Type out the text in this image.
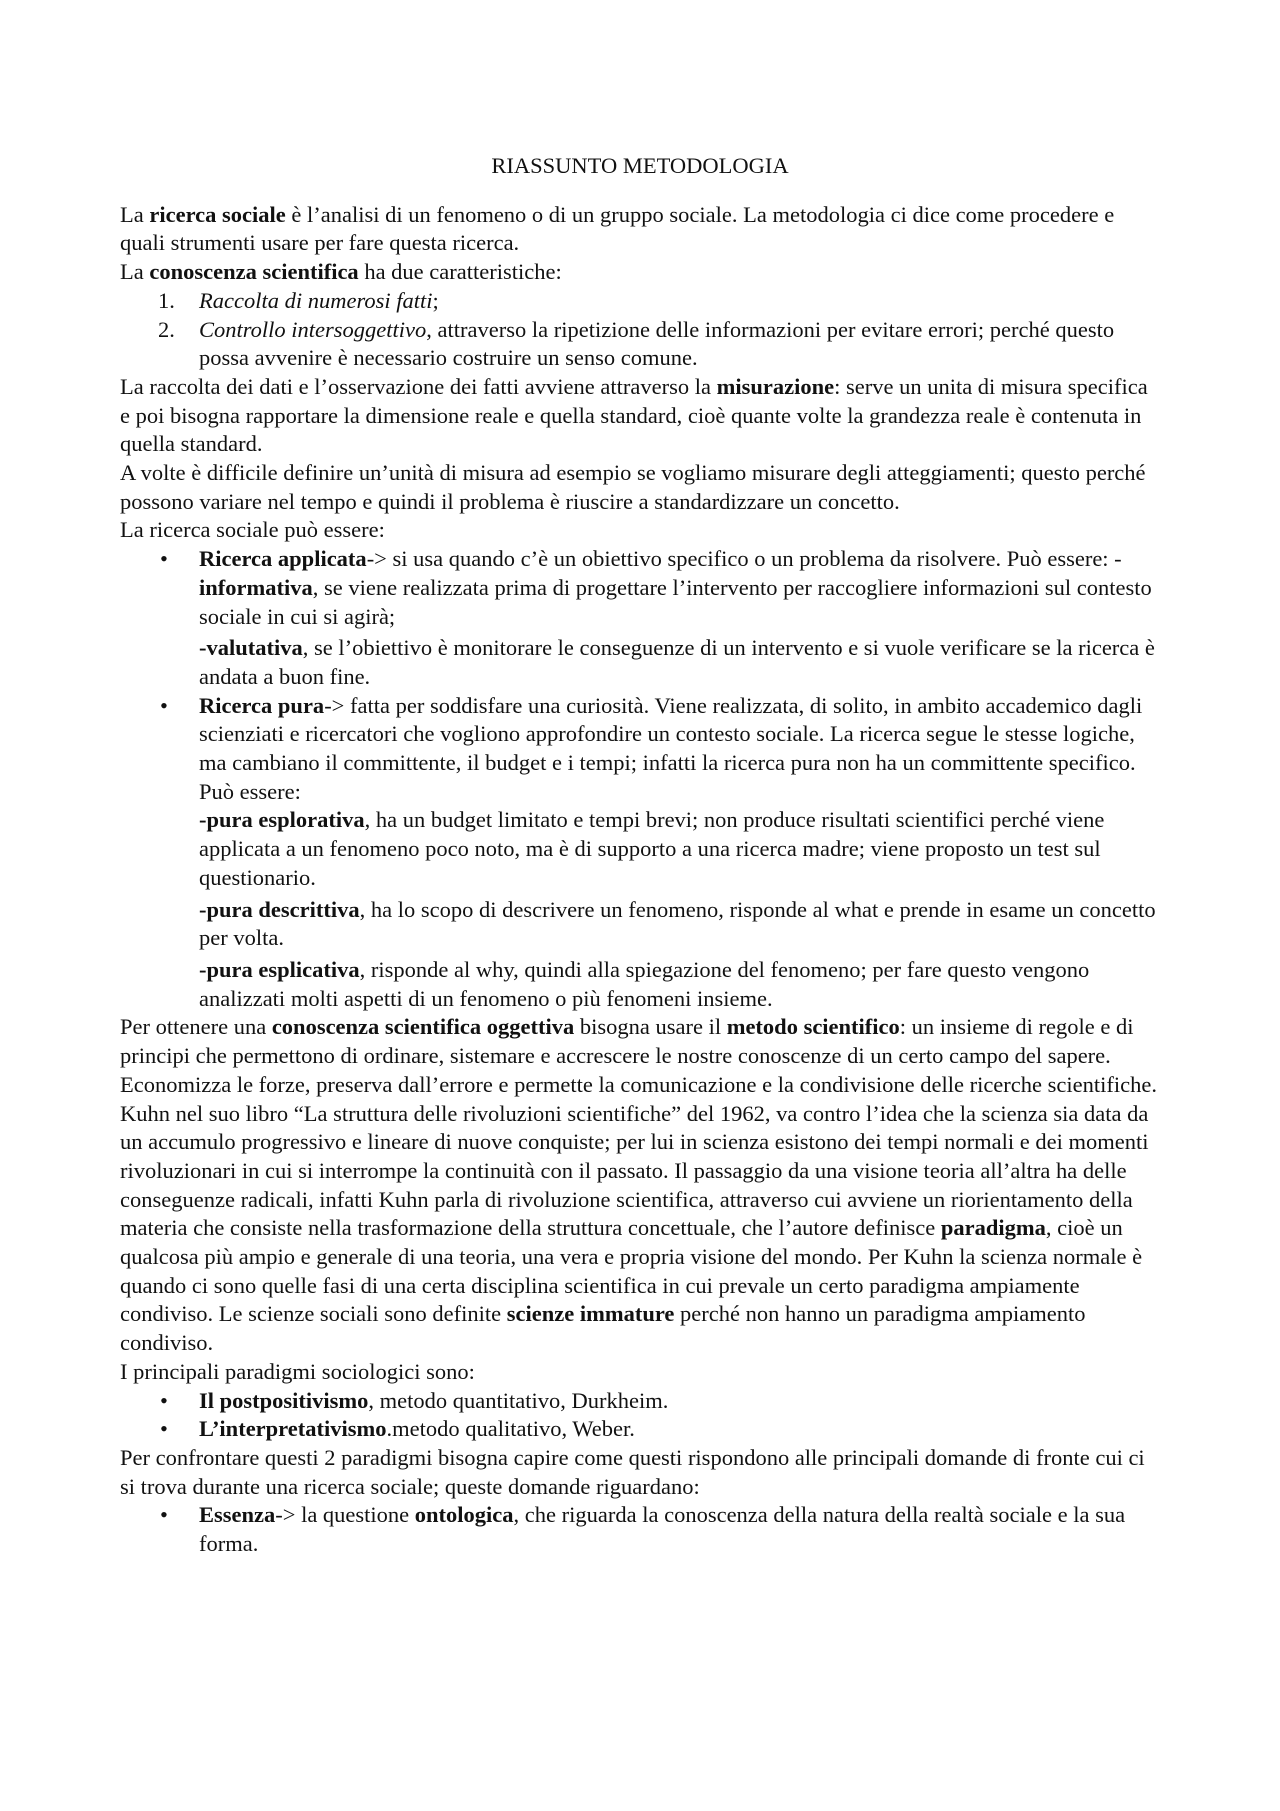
RIASSUNTO METODOLOGIA

La ricerca sociale è l’analisi di un fenomeno o di un gruppo sociale. La metodologia ci dice come procedere e quali strumenti usare per fare questa ricerca.

La conoscenza scientifica ha due caratteristiche:

1. Raccolta di numerosi fatti;
2. Controllo intersoggettivo, attraverso la ripetizione delle informazioni per evitare errori; perché questo possa avvenire è necessario costruire un senso comune.

La raccolta dei dati e l’osservazione dei fatti avviene attraverso la misurazione: serve un unita di misura specifica e poi bisogna rapportare la dimensione reale e quella standard, cioè quante volte la grandezza reale è contenuta in quella standard.

A volte è difficile definire un’unità di misura ad esempio se vogliamo misurare degli atteggiamenti; questo perché possono variare nel tempo e quindi il problema è riuscire a standardizzare un concetto.

La ricerca sociale può essere:

• Ricerca applicata-> si usa quando c’è un obiettivo specifico o un problema da risolvere. Può essere: -informativa, se viene realizzata prima di progettare l’intervento per raccogliere informazioni sul contesto sociale in cui si agirà;
-valutativa, se l’obiettivo è monitorare le conseguenze di un intervento e si vuole verificare se la ricerca è andata a buon fine.
• Ricerca pura-> fatta per soddisfare una curiosità. Viene realizzata, di solito, in ambito accademico dagli scienziati e ricercatori che vogliono approfondire un contesto sociale. La ricerca segue le stesse logiche, ma cambiano il committente, il budget e i tempi; infatti la ricerca pura non ha un committente specifico. Può essere:
-pura esplorativa, ha un budget limitato e tempi brevi; non produce risultati scientifici perché viene applicata a un fenomeno poco noto, ma è di supporto a una ricerca madre; viene proposto un test sul questionario.
-pura descrittiva, ha lo scopo di descrivere un fenomeno, risponde al what e prende in esame un concetto per volta.
-pura esplicativa, risponde al why, quindi alla spiegazione del fenomeno; per fare questo vengono analizzati molti aspetti di un fenomeno o più fenomeni insieme.

Per ottenere una conoscenza scientifica oggettiva bisogna usare il metodo scientifico: un insieme di regole e di principi che permettono di ordinare, sistemare e accrescere le nostre conoscenze di un certo campo del sapere. Economizza le forze, preserva dall’errore e permette la comunicazione e la condivisione delle ricerche scientifiche.

Kuhn nel suo libro “La struttura delle rivoluzioni scientifiche” del 1962, va contro l’idea che la scienza sia data da un accumulo progressivo e lineare di nuove conquiste; per lui in scienza esistono dei tempi normali e dei momenti rivoluzionari in cui si interrompe la continuità con il passato. Il passaggio da una visione teoria all’altra ha delle conseguenze radicali, infatti Kuhn parla di rivoluzione scientifica, attraverso cui avviene un riorientamento della materia che consiste nella trasformazione della struttura concettuale, che l’autore definisce paradigma, cioè un qualcosa più ampio e generale di una teoria, una vera e propria visione del mondo. Per Kuhn la scienza normale è quando ci sono quelle fasi di una certa disciplina scientifica in cui prevale un certo paradigma ampiamente condiviso. Le scienze sociali sono definite scienze immature perché non hanno un paradigma ampiamento condiviso.

I principali paradigmi sociologici sono:

• Il postpositivismo, metodo quantitativo, Durkheim.
• L’interpretativismo.metodo qualitativo, Weber.

Per confrontare questi 2 paradigmi bisogna capire come questi rispondono alle principali domande di fronte cui ci si trova durante una ricerca sociale; queste domande riguardano:

• Essenza-> la questione ontologica, che riguarda la conoscenza della natura della realtà sociale e la sua forma.
